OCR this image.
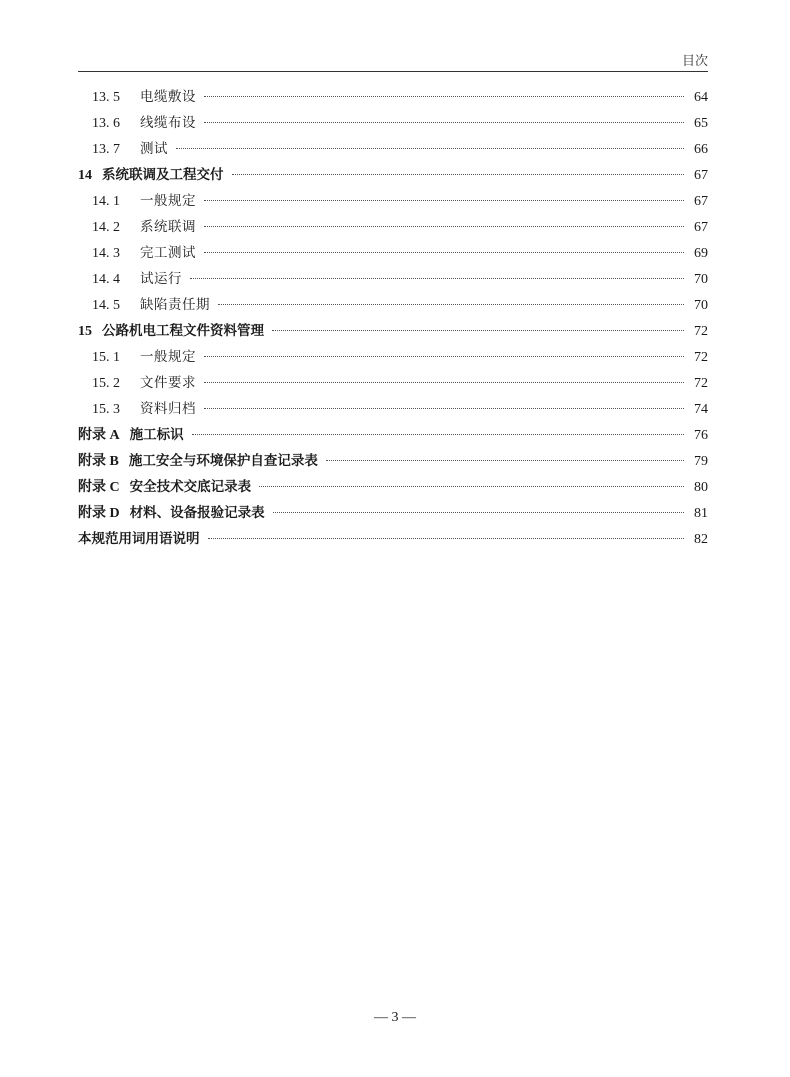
目次
13. 5	电缆敷设	64
13. 6	线缆布设	65
13. 7	测试	66
14 系统联调及工程交付	67
14. 1	一般规定	67
14. 2	系统联调	67
14. 3	完工测试	69
14. 4	试运行	70
14. 5	缺陷责任期	70
15 公路机电工程文件资料管理	72
15. 1	一般规定	72
15. 2	文件要求	72
15. 3	资料归档	74
附录 A 施工标识	76
附录 B 施工安全与环境保护自查记录表	79
附录 C 安全技术交底记录表	80
附录 D 材料、设备报验记录表	81
本规范用词用语说明	82
— 3 —
